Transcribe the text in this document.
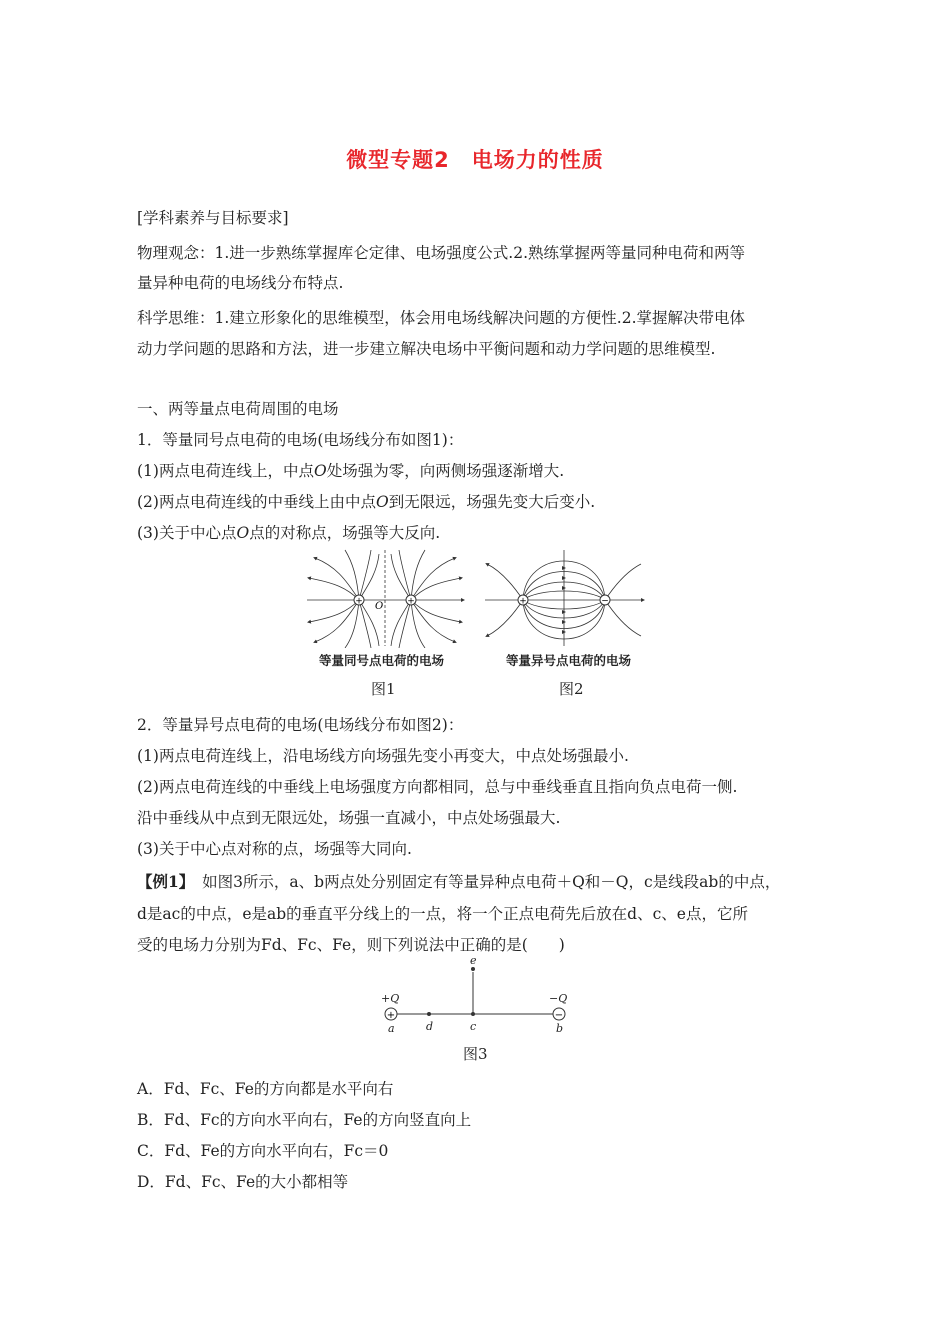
微型专题2　电场力的性质
[学科素养与目标要求]
物理观念：1.进一步熟练掌握库仑定律、电场强度公式.2.熟练掌握两等量同种电荷和两等
量异种电荷的电场线分布特点.
科学思维：1.建立形象化的思维模型，体会用电场线解决问题的方便性.2.掌握解决带电体
动力学问题的思路和方法，进一步建立解决电场中平衡问题和动力学问题的思维模型.
一、两等量点电荷周围的电场
1．等量同号点电荷的电场(电场线分布如图1)：
(1)两点电荷连线上，中点O处场强为零，向两侧场强逐渐增大.
(2)两点电荷连线的中垂线上由中点O到无限远，场强先变大后变小.
(3)关于中心点O点的对称点，场强等大反向.
+	+
O	+	−
等量同号点电荷的电场	等量异号点电荷的电场
图1	图2
2．等量异号点电荷的电场(电场线分布如图2)：
(1)两点电荷连线上，沿电场线方向场强先变小再变大，中点处场强最小.
(2)两点电荷连线的中垂线上电场强度方向都相同，总与中垂线垂直且指向负点电荷一侧.
沿中垂线从中点到无限远处，场强一直减小，中点处场强最大.
(3)关于中心点对称的点，场强等大同向.
【例1】　 如图3所示，a、b两点处分别固定有等量异种点电荷＋Q和－Q，c是线段ab的中点，
d是ac的中点，e是ab的垂直平分线上的一点，将一个正点电荷先后放在d、c、e点，它所
受的电场力分别为Fd、Fc、Fe，则下列说法中正确的是(　　)
+	−
+Q	−Q
a	b
c
d
e
图3
A．Fd、Fc、Fe的方向都是水平向右
B．Fd、Fc的方向水平向右，Fe的方向竖直向上
C．Fd、Fe的方向水平向右，Fc＝0
D．Fd、Fc、Fe的大小都相等
